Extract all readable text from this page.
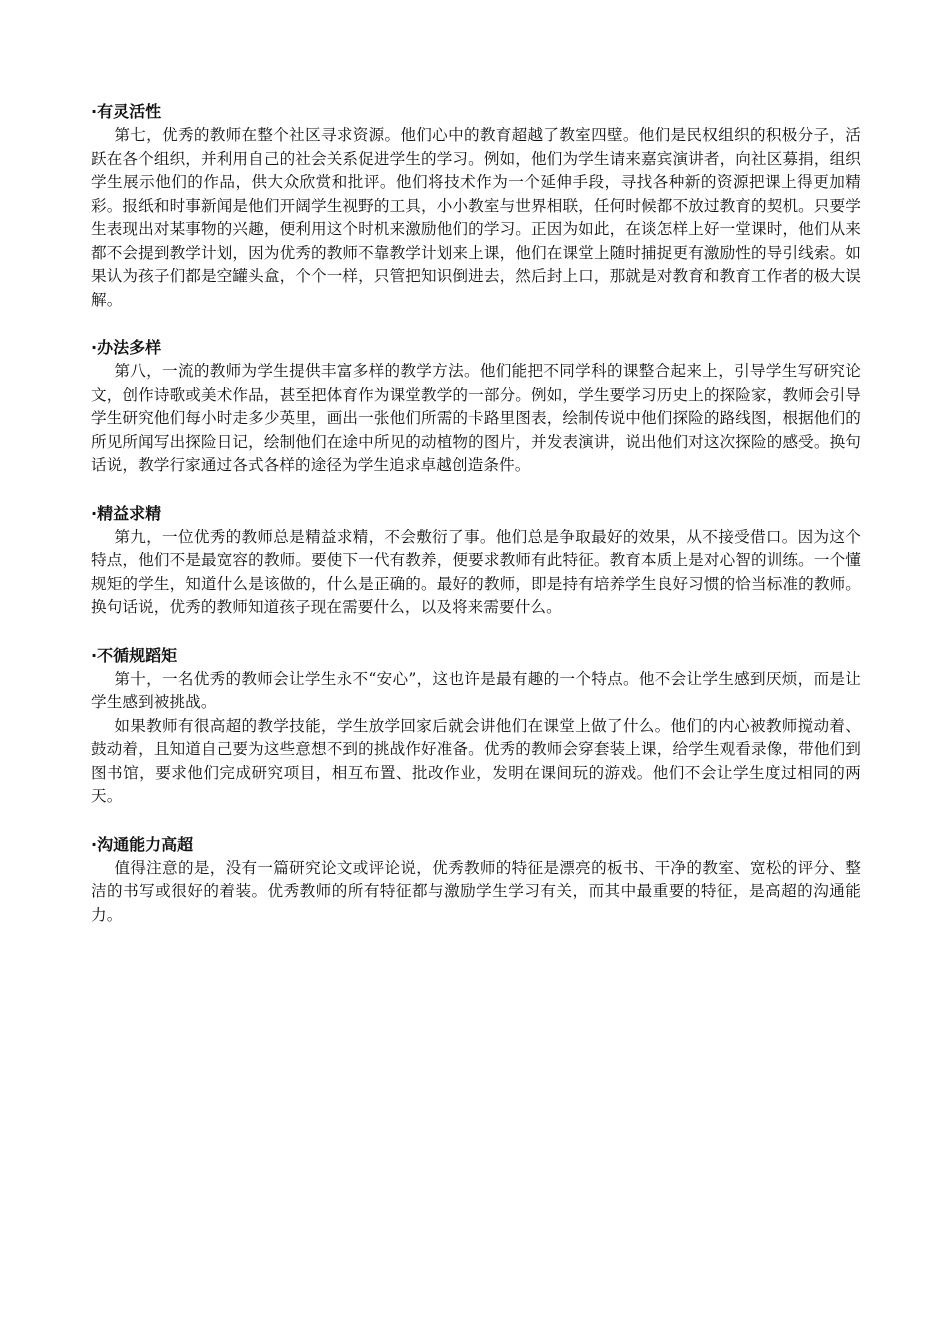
·有灵活性

第七，优秀的教师在整个社区寻求资源。他们心中的教育超越了教室四壁。他们是民权组织的积极分子，活跃在各个组织，并利用自己的社会关系促进学生的学习。例如，他们为学生请来嘉宾演讲者，向社区募捐，组织学生展示他们的作品，供大众欣赏和批评。他们将技术作为一个延伸手段，寻找各种新的资源把课上得更加精彩。报纸和时事新闻是他们开阔学生视野的工具，小小教室与世界相联，任何时候都不放过教育的契机。只要学生表现出对某事物的兴趣，便利用这个时机来激励他们的学习。正因为如此，在谈怎样上好一堂课时，他们从来都不会提到教学计划，因为优秀的教师不靠教学计划来上课，他们在课堂上随时捕捉更有激励性的导引线索。如果认为孩子们都是空罐头盒，个个一样，只管把知识倒进去，然后封上口，那就是对教育和教育工作者的极大误解。

·办法多样

第八，一流的教师为学生提供丰富多样的教学方法。他们能把不同学科的课整合起来上，引导学生写研究论文，创作诗歌或美术作品，甚至把体育作为课堂教学的一部分。例如，学生要学习历史上的探险家，教师会引导学生研究他们每小时走多少英里，画出一张他们所需的卡路里图表，绘制传说中他们探险的路线图，根据他们的所见所闻写出探险日记，绘制他们在途中所见的动植物的图片，并发表演讲，说出他们对这次探险的感受。换句话说，教学行家通过各式各样的途径为学生追求卓越创造条件。

·精益求精

第九，一位优秀的教师总是精益求精，不会敷衍了事。他们总是争取最好的效果，从不接受借口。因为这个特点，他们不是最宽容的教师。要使下一代有教养，便要求教师有此特征。教育本质上是对心智的训练。一个懂规矩的学生，知道什么是该做的，什么是正确的。最好的教师，即是持有培养学生良好习惯的恰当标准的教师。换句话说，优秀的教师知道孩子现在需要什么，以及将来需要什么。

·不循规蹈矩

第十，一名优秀的教师会让学生永不“安心”，这也许是最有趣的一个特点。他不会让学生感到厌烦，而是让学生感到被挑战。

如果教师有很高超的教学技能，学生放学回家后就会讲他们在课堂上做了什么。他们的内心被教师搅动着、鼓动着，且知道自己要为这些意想不到的挑战作好准备。优秀的教师会穿套装上课，给学生观看录像，带他们到图书馆，要求他们完成研究项目，相互布置、批改作业，发明在课间玩的游戏。他们不会让学生度过相同的两天。

·沟通能力高超

值得注意的是，没有一篇研究论文或评论说，优秀教师的特征是漂亮的板书、干净的教室、宽松的评分、整洁的书写或很好的着装。优秀教师的所有特征都与激励学生学习有关，而其中最重要的特征，是高超的沟通能力。
